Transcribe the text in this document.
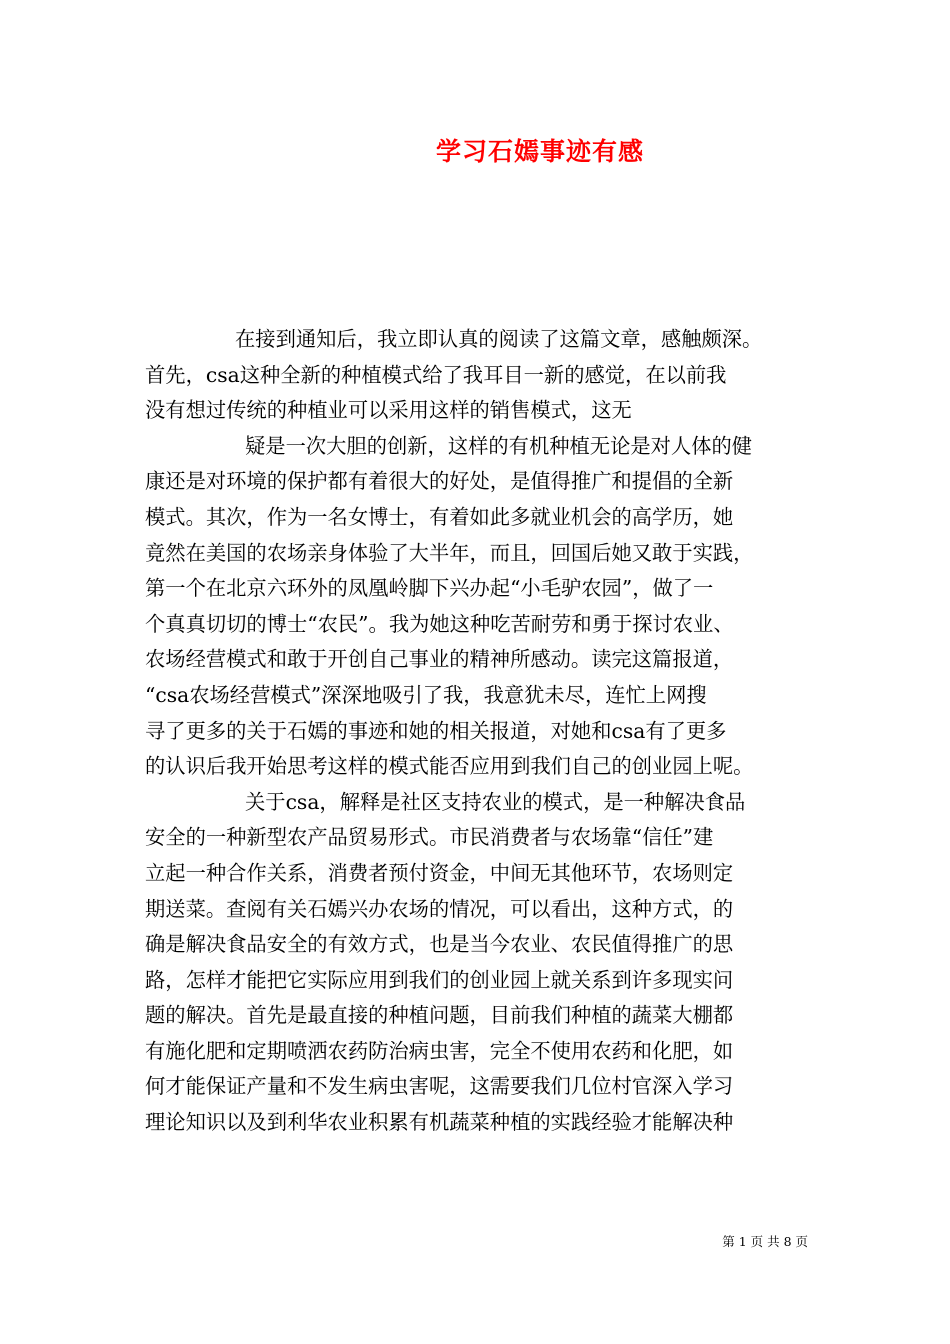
学习石嫣事迹有感
在接到通知后，我立即认真的阅读了这篇文章，感触颇深。
首先，csa这种全新的种植模式给了我耳目一新的感觉，在以前我
没有想过传统的种植业可以采用这样的销售模式，这无
疑是一次大胆的创新，这样的有机种植无论是对人体的健
康还是对环境的保护都有着很大的好处，是值得推广和提倡的全新
模式。其次，作为一名女博士，有着如此多就业机会的高学历，她
竟然在美国的农场亲身体验了大半年，而且，回国后她又敢于实践，
第一个在北京六环外的凤凰岭脚下兴办起“小毛驴农园”，做了一
个真真切切的博士“农民”。我为她这种吃苦耐劳和勇于探讨农业、
农场经营模式和敢于开创自己事业的精神所感动。读完这篇报道，
“csa农场经营模式”深深地吸引了我，我意犹未尽，连忙上网搜
寻了更多的关于石嫣的事迹和她的相关报道，对她和csa有了更多
的认识后我开始思考这样的模式能否应用到我们自己的创业园上呢。
关于csa，解释是社区支持农业的模式，是一种解决食品
安全的一种新型农产品贸易形式。市民消费者与农场靠“信任”建
立起一种合作关系，消费者预付资金，中间无其他环节，农场则定
期送菜。查阅有关石嫣兴办农场的情况，可以看出，这种方式，的
确是解决食品安全的有效方式，也是当今农业、农民值得推广的思
路，怎样才能把它实际应用到我们的创业园上就关系到许多现实问
题的解决。首先是最直接的种植问题，目前我们种植的蔬菜大棚都
有施化肥和定期喷洒农药防治病虫害，完全不使用农药和化肥，如
何才能保证产量和不发生病虫害呢，这需要我们几位村官深入学习
理论知识以及到利华农业积累有机蔬菜种植的实践经验才能解决种
第 1 页 共 8 页
